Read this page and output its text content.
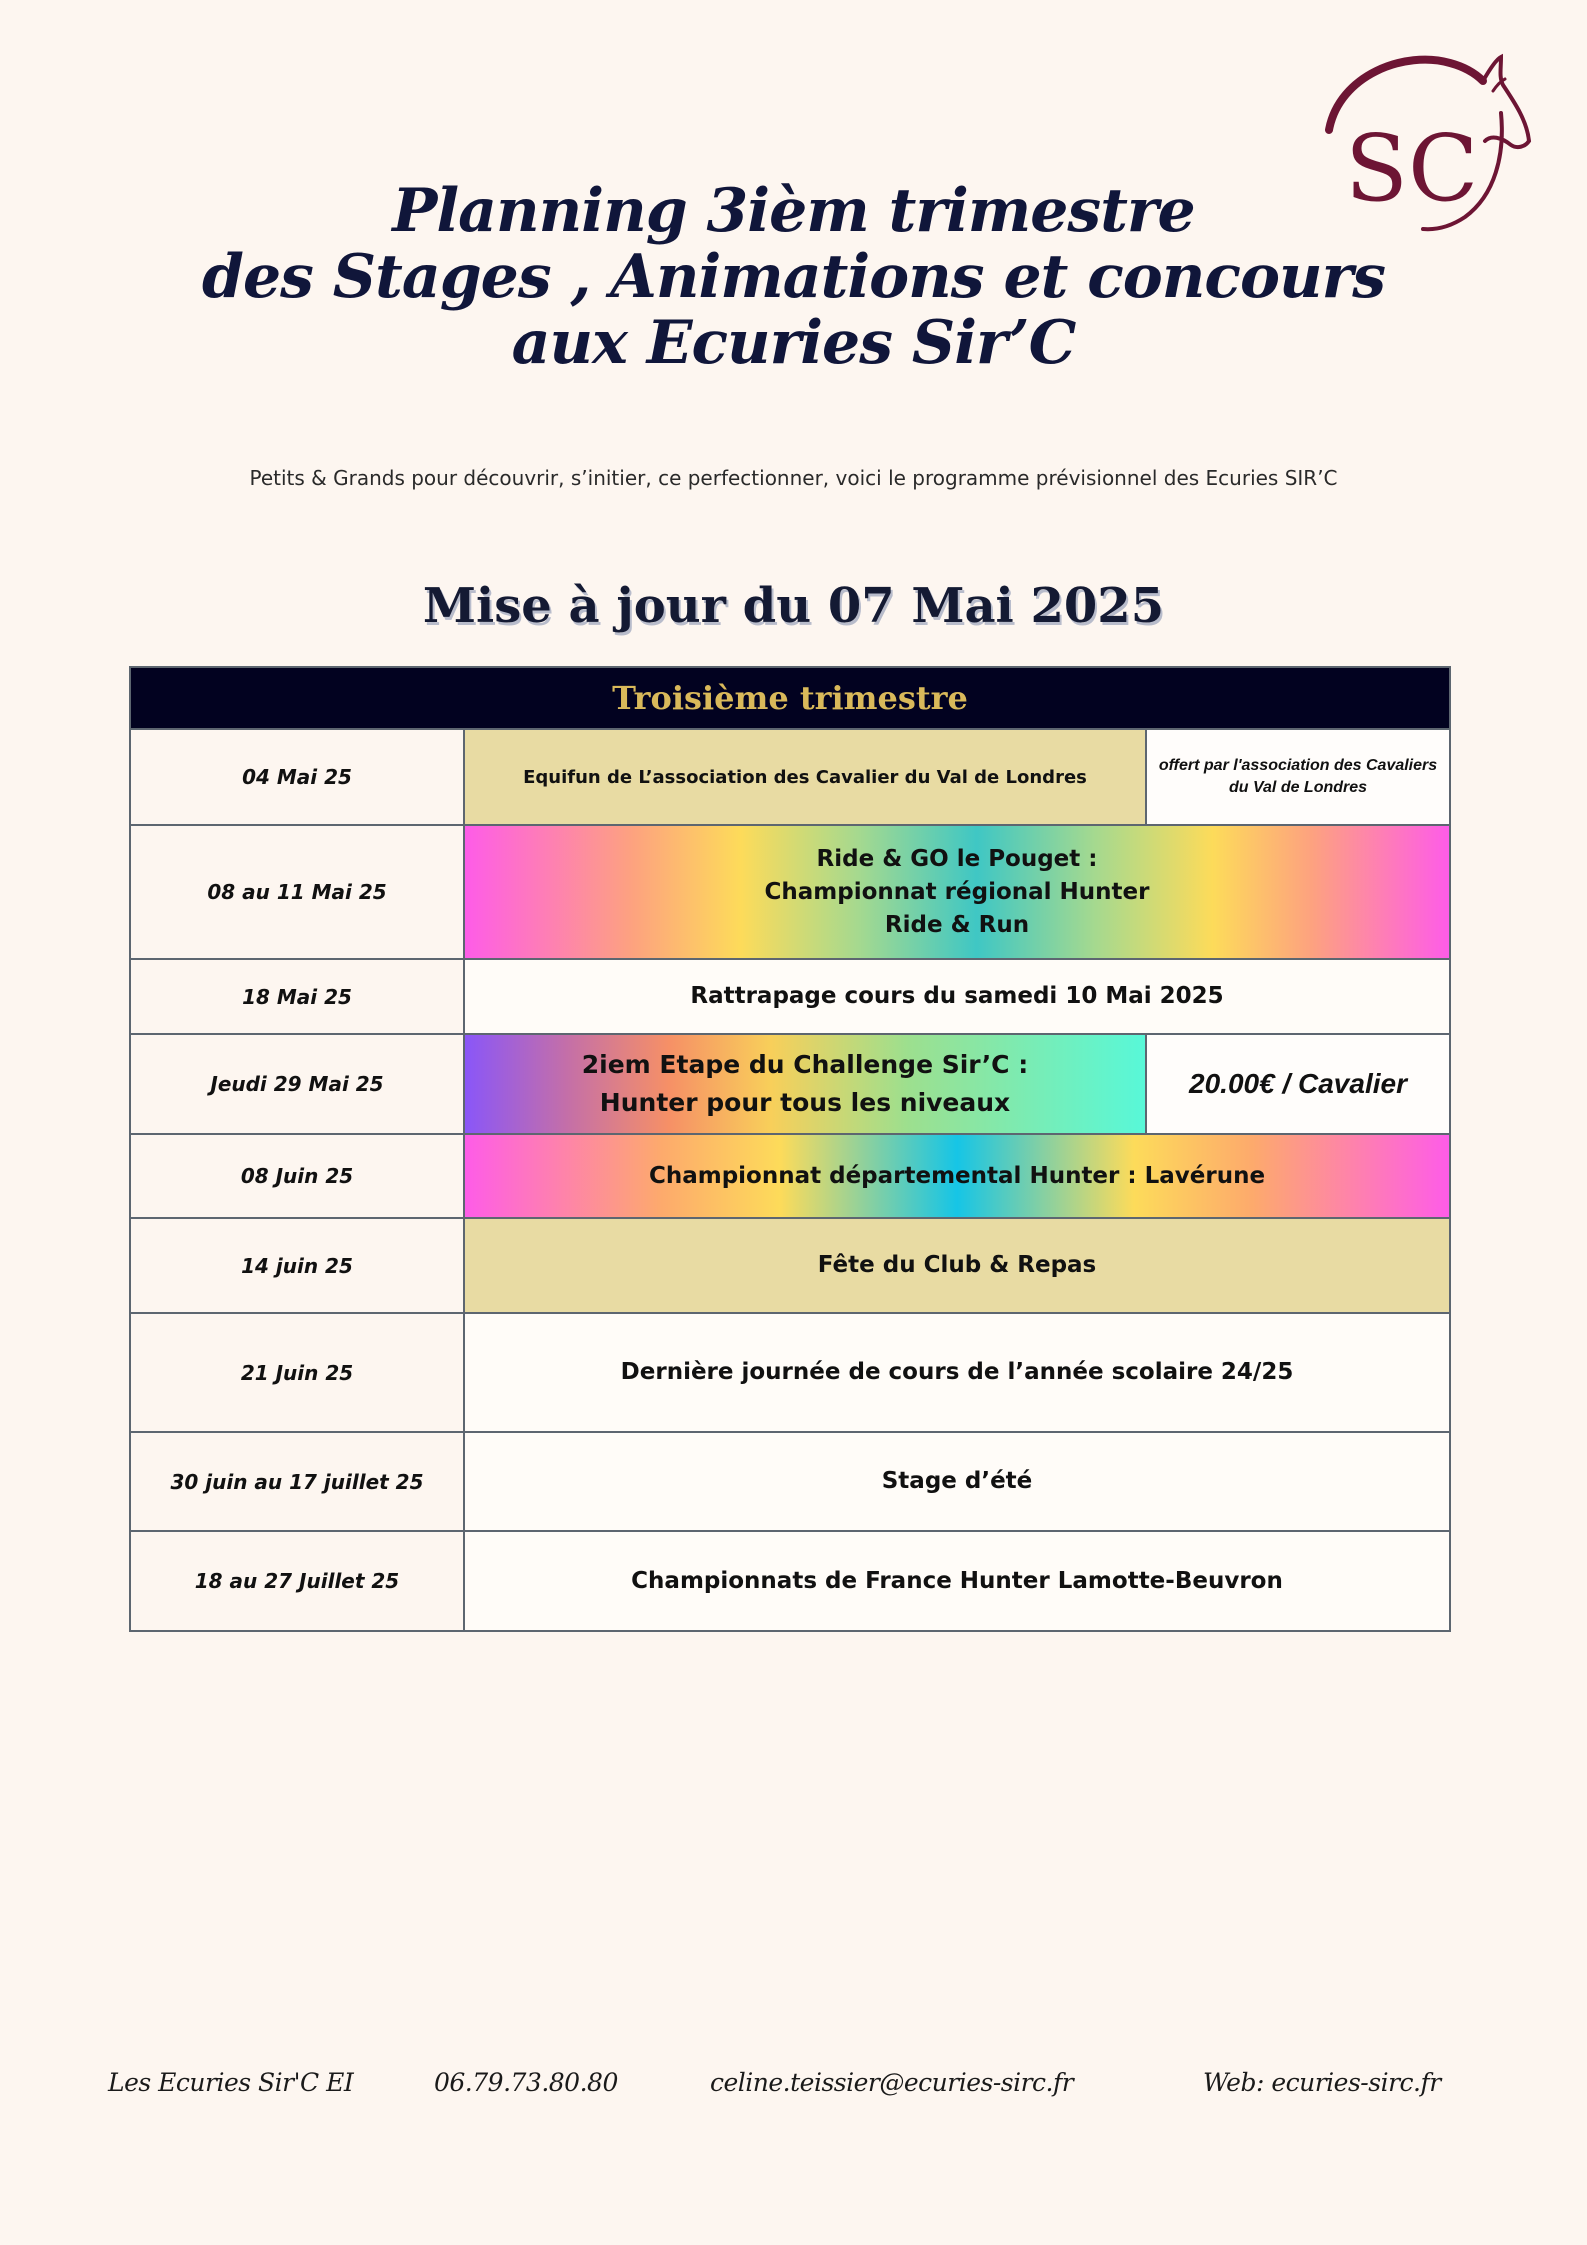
SC
Planning 3ièm trimestre
des Stages , Animations et concours
aux Ecuries Sir’C
Petits & Grands pour découvrir, s’initier, ce perfectionner, voici le programme prévisionnel des Ecuries SIR’C
Mise à jour du 07 Mai 2025
Troisième trimestre		
04 Mai 25	Equifun de L’association des Cavalier du Val de Londres	offert par l'association des Cavaliers du Val de Londres
08 au 11 Mai 25	Ride & GO le Pouget :
Championnat régional Hunter
Ride & Run	

18 Mai 25	Rattrapage cours du samedi 10 Mai 2025	
Jeudi 29 Mai 25	2iem Etape du Challenge Sir’C :
Hunter pour tous les niveaux	20.00€ / Cavalier
08 Juin 25	Championnat départemental Hunter : Lavérune	
14 juin 25	Fête du Club & Repas	
21 Juin 25	Dernière journée de cours de l’année scolaire 24/25	
30 juin au 17 juillet 25	Stage d’été	
18 au 27 Juillet 25	Championnats de France Hunter Lamotte-Beuvron	
Les Ecuries Sir'C EI	06.79.73.80.80	celine.teissier@ecuries-sirc.fr	Web: ecuries-sirc.fr
